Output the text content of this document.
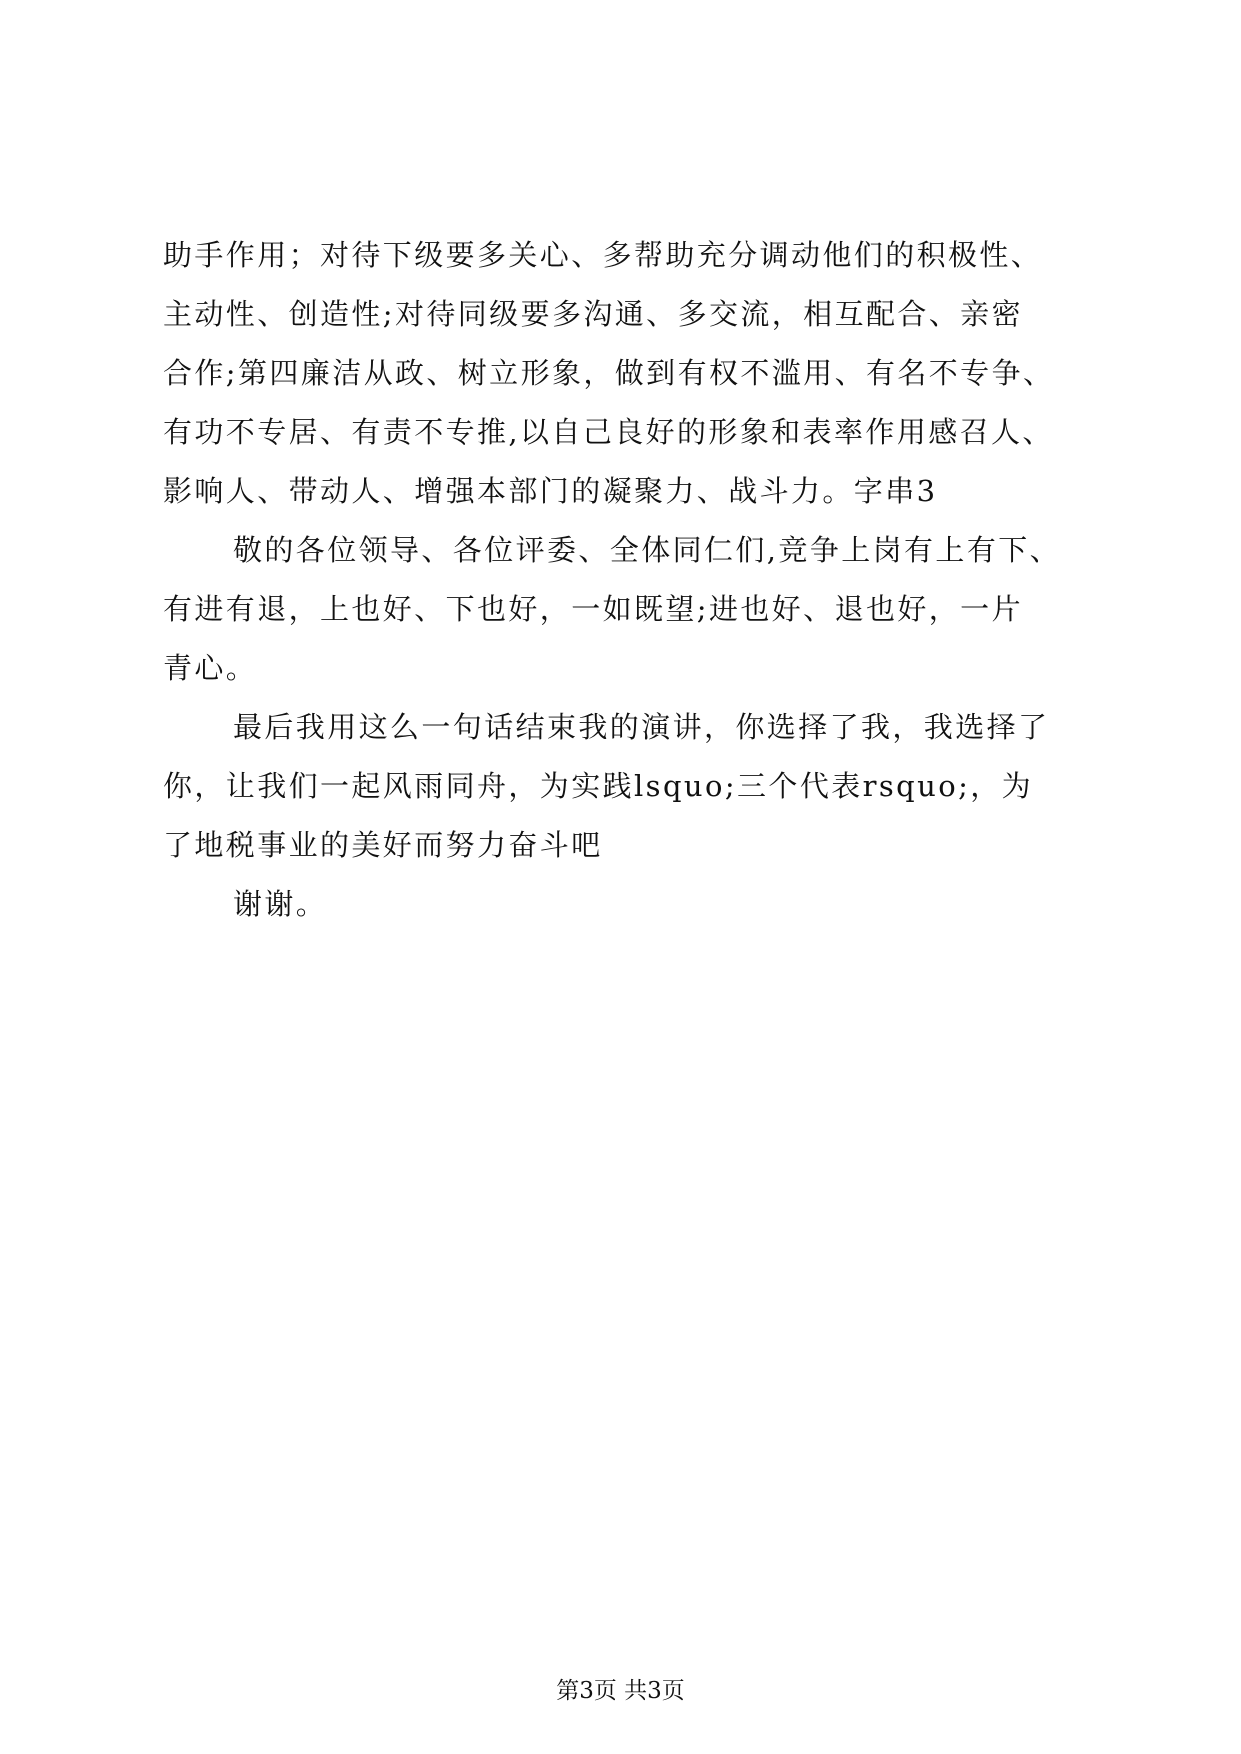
助手作用；对待下级要多关心、多帮助充分调动他们的积极性、
主动性、创造性;对待同级要多沟通、多交流，相互配合、亲密
合作;第四廉洁从政、树立形象，做到有权不滥用、有名不专争、
有功不专居、有责不专推,以自己良好的形象和表率作用感召人、
影响人、带动人、增强本部门的凝聚力、战斗力。字串3
敬的各位领导、各位评委、全体同仁们,竞争上岗有上有下、
有进有退，上也好、下也好，一如既望;进也好、退也好，一片
青心。
最后我用这么一句话结束我的演讲，你选择了我，我选择了
你，让我们一起风雨同舟，为实践lsquo;三个代表rsquo;，为
了地税事业的美好而努力奋斗吧
谢谢。
第3页 共3页
